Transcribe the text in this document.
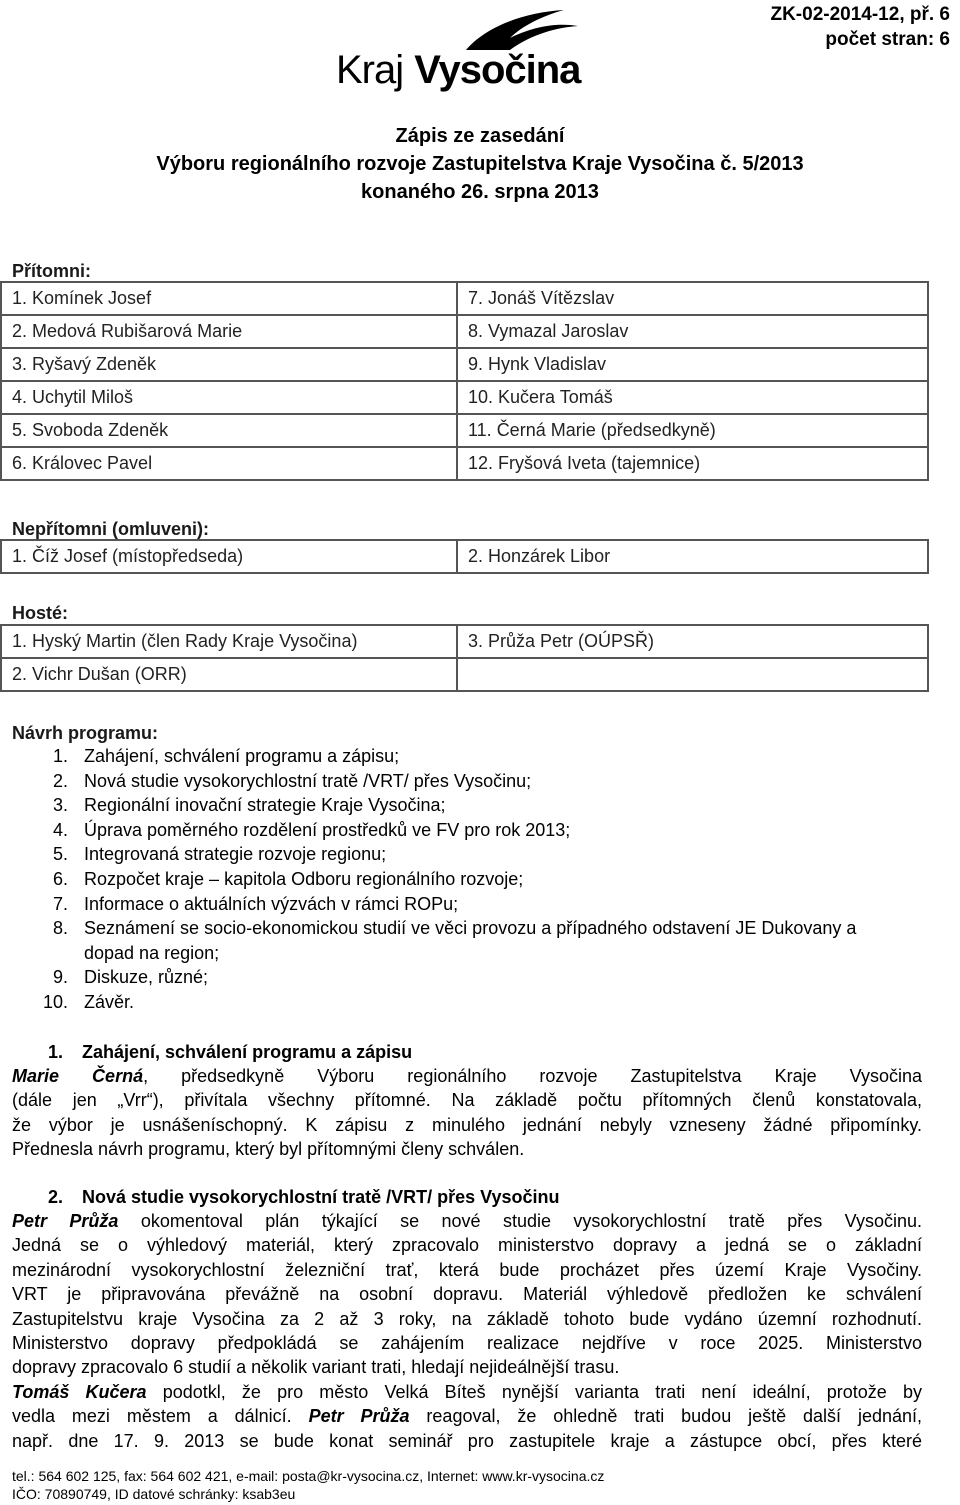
ZK-02-2014-12, př. 6
počet stran: 6
Kraj Vysočina
Zápis ze zasedání
Výboru regionálního rozvoje Zastupitelstva Kraje Vysočina č. 5/2013
konaného 26. srpna 2013
Přítomni:
1. Komínek Josef	7. Jonáš Vítězslav
2. Medová Rubišarová Marie	8. Vymazal Jaroslav
3. Ryšavý Zdeněk	9. Hynk Vladislav
4. Uchytil Miloš	10. Kučera Tomáš
5. Svoboda Zdeněk	11. Černá Marie (předsedkyně)
6. Královec Pavel	12. Fryšová Iveta (tajemnice)
Nepřítomni (omluveni):
1. Číž Josef (místopředseda)	2. Honzárek Libor
Hosté:
1. Hyský Martin (člen Rady Kraje Vysočina)	3. Průža Petr (OÚPSŘ)
2. Vichr Dušan (ORR)	
Návrh programu:
1. Zahájení, schválení programu a zápisu;
2. Nová studie vysokorychlostní tratě /VRT/ přes Vysočinu;
3. Regionální inovační strategie Kraje Vysočina;
4. Úprava poměrného rozdělení prostředků ve FV pro rok 2013;
5. Integrovaná strategie rozvoje regionu;
6. Rozpočet kraje – kapitola Odboru regionálního rozvoje;
7. Informace o aktuálních výzvách v rámci ROPu;
8. Seznámení se socio-ekonomickou studií ve věci provozu a případného odstavení JE Dukovany a dopad na region;
9. Diskuze, různé;
10. Závěr.
1. Zahájení, schválení programu a zápisu
Marie Černá, předsedkyně Výboru regionálního rozvoje Zastupitelstva Kraje Vysočina
(dále jen „Vrr“), přivítala všechny přítomné. Na základě počtu přítomných členů konstatovala,
že výbor je usnášeníschopný. K zápisu z minulého jednání nebyly vzneseny žádné připomínky.
Přednesla návrh programu, který byl přítomnými členy schválen.
2. Nová studie vysokorychlostní tratě /VRT/ přes Vysočinu
Petr Průža okomentoval plán týkající se nové studie vysokorychlostní tratě přes Vysočinu.
Jedná se o výhledový materiál, který zpracovalo ministerstvo dopravy a jedná se o základní
mezinárodní vysokorychlostní železniční trať, která bude procházet přes území Kraje Vysočiny.
VRT je připravována převážně na osobní dopravu. Materiál výhledově předložen ke schválení
Zastupitelstvu kraje Vysočina za 2 až 3 roky, na základě tohoto bude vydáno územní rozhodnutí.
Ministerstvo dopravy předpokládá se zahájením realizace nejdříve v roce 2025. Ministerstvo
dopravy zpracovalo 6 studií a několik variant trati, hledají nejideálnější trasu.
Tomáš Kučera podotkl, že pro město Velká Bíteš nynější varianta trati není ideální, protože by
vedla mezi městem a dálnicí. Petr Průža reagoval, že ohledně trati budou ještě další jednání,
např. dne 17. 9. 2013 se bude konat seminář pro zastupitele kraje a zástupce obcí, přes které
tel.: 564 602 125, fax: 564 602 421, e-mail: posta@kr-vysocina.cz, Internet: www.kr-vysocina.cz
IČO: 70890749, ID datové schránky: ksab3eu
